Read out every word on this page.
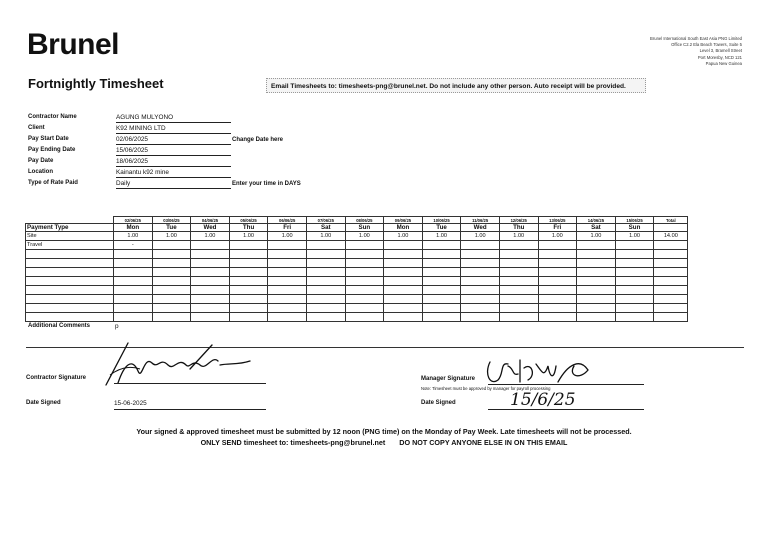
Brunel	Brunel International South East Asia PNG Limited
Office C2.2 Ela Beach Towers, Suite 5
Level 3, Bramell Street
Port Moresby, NCD 121
Papua New Guinea
Fortnightly Timesheet	Email Timesheets to: timesheets-png@brunel.net. Do not include any other person. Auto receipt will be provided.
Contractor Name	AGUNG MULYONO
Client	K92 MINING LTD
Pay Start Date	02/06/2025	Change Date here
Pay Ending Date	15/06/2025
Pay Date	18/06/2025
Location	Kainantu k92 mine
Type of Rate Paid	Daily	Enter your time in DAYS
	02/06/25	03/06/25	04/06/25	05/06/25	06/06/25	07/06/25	08/06/25	09/06/25	10/06/25	11/06/25	12/06/25	13/06/25	14/06/25	15/06/25	Total
Payment Type	Mon	Tue	Wed	Thu	Fri	Sat	Sun	Mon	Tue	Wed	Thu	Fri	Sat	Sun	
Site	1.00	1.00	1.00	1.00	1.00	1.00	1.00	1.00	1.00	1.00	1.00	1.00	1.00	1.00	14.00
Travel	-														

Additional Comments	p
Contractor Signature
Date Signed	15-06-2025
Manager Signature
Note: Timesheet must be approved by manager for payroll processing
Date Signed	15/6/25
Your signed & approved timesheet must be submitted by 12 noon (PNG time) on the Monday of Pay Week. Late timesheets will not be processed.
ONLY SEND timesheet to: timesheets-png@brunel.net DO NOT COPY ANYONE ELSE IN ON THIS EMAIL
